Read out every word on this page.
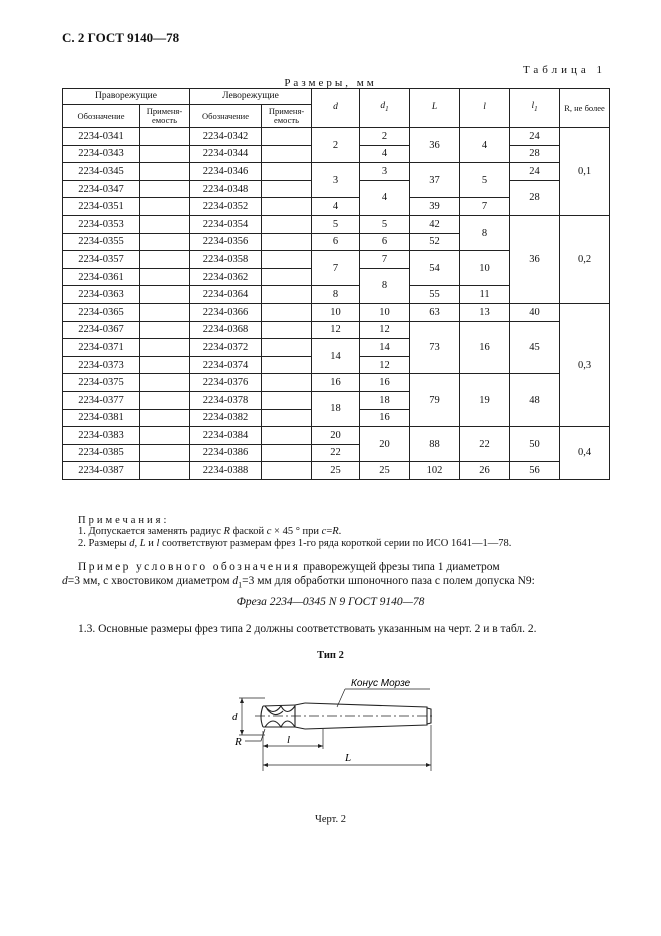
С. 2 ГОСТ 9140—78
Таблица 1
Размеры, мм
Праворежущие		Леворежущие		d	$d_1$	L	l	$l_1$	R, не более
Обозначение	Применя-емость	Обозначение	Применя-емость						
2234-0341		2234-0342		2	2	36	4	24	0,1
2234-0343		2234-0344			4			28	
2234-0345		2234-0346		3	3	37	5	24	
2234-0347		2234-0348			4			28	
2234-0351		2234-0352		4		39	7		
2234-0353		2234-0354		5	5	42	8	36	0,2
2234-0355		2234-0356		6	6	52			
2234-0357		2234-0358		7	7	54	10		
2234-0361		2234-0362			8				
2234-0363		2234-0364		8		55	11		
2234-0365		2234-0366		10	10	63	13	40	0,3
2234-0367		2234-0368		12	12	73	16	45	
2234-0371		2234-0372		14	14				
2234-0373		2234-0374			12				
2234-0375		2234-0376		16	16	79	19	48	
2234-0377		2234-0378		18	18				
2234-0381		2234-0382			16				
2234-0383		2234-0384		20	20	88	22	50	0,4
2234-0385		2234-0386		22					
2234-0387		2234-0388		25	25	102	26	56	
Примечания:
1. Допускается заменять радиус R фаской c × 45 ° при c=R.
2. Размеры d, L и l соответствуют размерам фрез 1-го ряда короткой серии по ИСО 1641—1—78.
Пример условного обозначения праворежущей фрезы типа 1 диаметром
d=3 мм, с хвостовиком диаметром $d_1=3$ мм для обработки шпоночного паза с полем допуска N9:
Фреза 2234—0345 N 9 ГОСТ 9140—78
1.3. Основные размеры фрез типа 2 должны соответствовать указанным на черт. 2 и в табл. 2.
Тип 2
d
R	l
L
Конус Морзе
Черт. 2
